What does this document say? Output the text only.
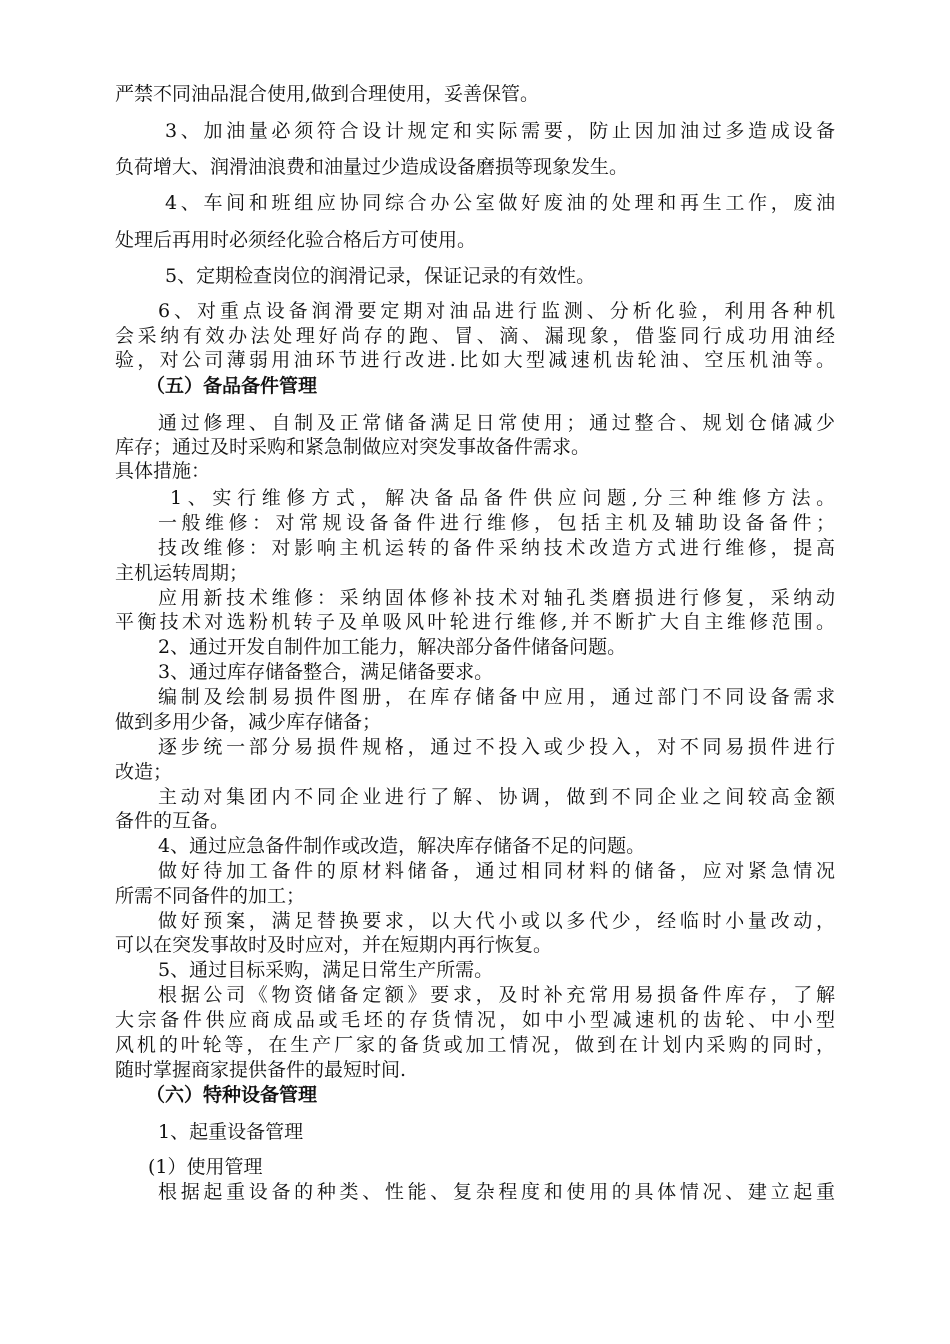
严禁不同油品混合使用,做到合理使用，妥善保管。
3、加油量必须符合设计规定和实际需要，防止因加油过多造成设备
负荷增大、润滑油浪费和油量过少造成设备磨损等现象发生。
4、车间和班组应协同综合办公室做好废油的处理和再生工作，废油
处理后再用时必须经化验合格后方可使用。
5、定期检查岗位的润滑记录，保证记录的有效性。
6、对重点设备润滑要定期对油品进行监测、分析化验，利用各种机
会采纳有效办法处理好尚存的跑、冒、滴、漏现象，借鉴同行成功用油经
验，对公司薄弱用油环节进行改进.比如大型减速机齿轮油、空压机油等。
（五）备品备件管理
通过修理、自制及正常储备满足日常使用；通过整合、规划仓储减少
库存；通过及时采购和紧急制做应对突发事故备件需求。
具体措施：
1、实行维修方式，解决备品备件供应问题,分三种维修方法。
一般维修：对常规设备备件进行维修，包括主机及辅助设备备件；
技改维修：对影响主机运转的备件采纳技术改造方式进行维修，提高
主机运转周期；
应用新技术维修：采纳固体修补技术对轴孔类磨损进行修复，采纳动
平衡技术对选粉机转子及单吸风叶轮进行维修,并不断扩大自主维修范围。
2、通过开发自制件加工能力，解决部分备件储备问题。
3、通过库存储备整合，满足储备要求。
编制及绘制易损件图册，在库存储备中应用，通过部门不同设备需求
做到多用少备，减少库存储备；
逐步统一部分易损件规格，通过不投入或少投入，对不同易损件进行
改造；
主动对集团内不同企业进行了解、协调，做到不同企业之间较高金额
备件的互备。
4、通过应急备件制作或改造，解决库存储备不足的问题。
做好待加工备件的原材料储备，通过相同材料的储备，应对紧急情况
所需不同备件的加工；
做好预案，满足替换要求，以大代小或以多代少，经临时小量改动，
可以在突发事故时及时应对，并在短期内再行恢复。
5、通过目标采购，满足日常生产所需。
根据公司《物资储备定额》要求，及时补充常用易损备件库存，了解
大宗备件供应商成品或毛坯的存货情况，如中小型减速机的齿轮、中小型
风机的叶轮等，在生产厂家的备货或加工情况，做到在计划内采购的同时，
随时掌握商家提供备件的最短时间.
（六）特种设备管理
1、起重设备管理
(1）使用管理
根据起重设备的种类、性能、复杂程度和使用的具体情况、建立起重
